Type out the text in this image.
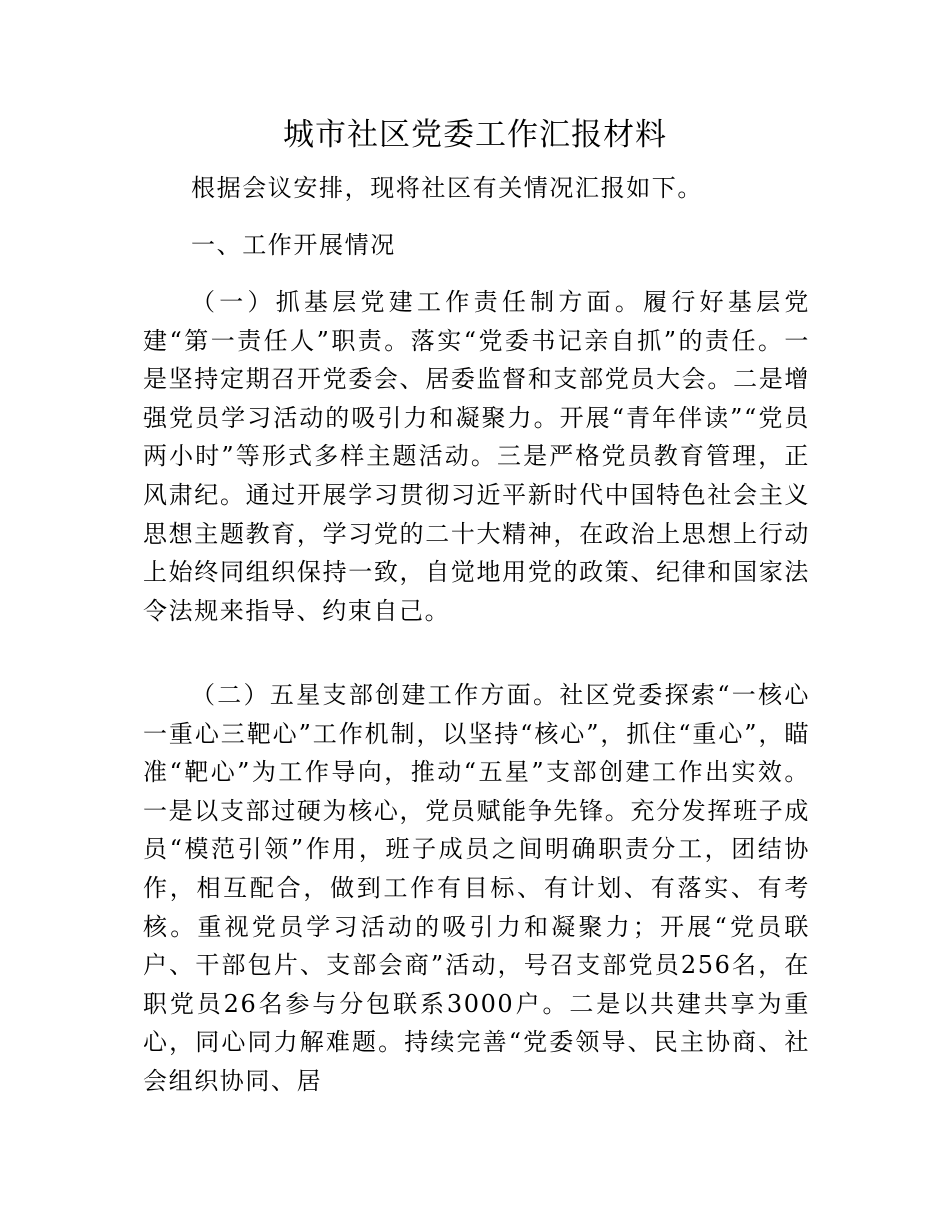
城市社区党委工作汇报材料

根据会议安排，现将社区有关情况汇报如下。

一、工作开展情况

（一）抓基层党建工作责任制方面。履行好基层党建“第一责任人”职责。落实“党委书记亲自抓”的责任。一是坚持定期召开党委会、居委监督和支部党员大会。二是增强党员学习活动的吸引力和凝聚力。开展“青年伴读”“党员两小时”等形式多样主题活动。三是严格党员教育管理，正风肃纪。通过开展学习贯彻习近平新时代中国特色社会主义思想主题教育，学习党的二十大精神，在政治上思想上行动上始终同组织保持一致，自觉地用党的政策、纪律和国家法令法规来指导、约束自己。

（二）五星支部创建工作方面。社区党委探索“一核心一重心三靶心”工作机制，以坚持“核心”，抓住“重心”，瞄准“靶心”为工作导向，推动“五星”支部创建工作出实效。一是以支部过硬为核心，党员赋能争先锋。充分发挥班子成员“模范引领”作用，班子成员之间明确职责分工，团结协作，相互配合，做到工作有目标、有计划、有落实、有考核。重视党员学习活动的吸引力和凝聚力；开展“党员联户、干部包片、支部会商”活动，号召支部党员256名，在职党员26名参与分包联系3000户。二是以共建共享为重心，同心同力解难题。持续完善“党委领导、民主协商、社会组织协同、居
